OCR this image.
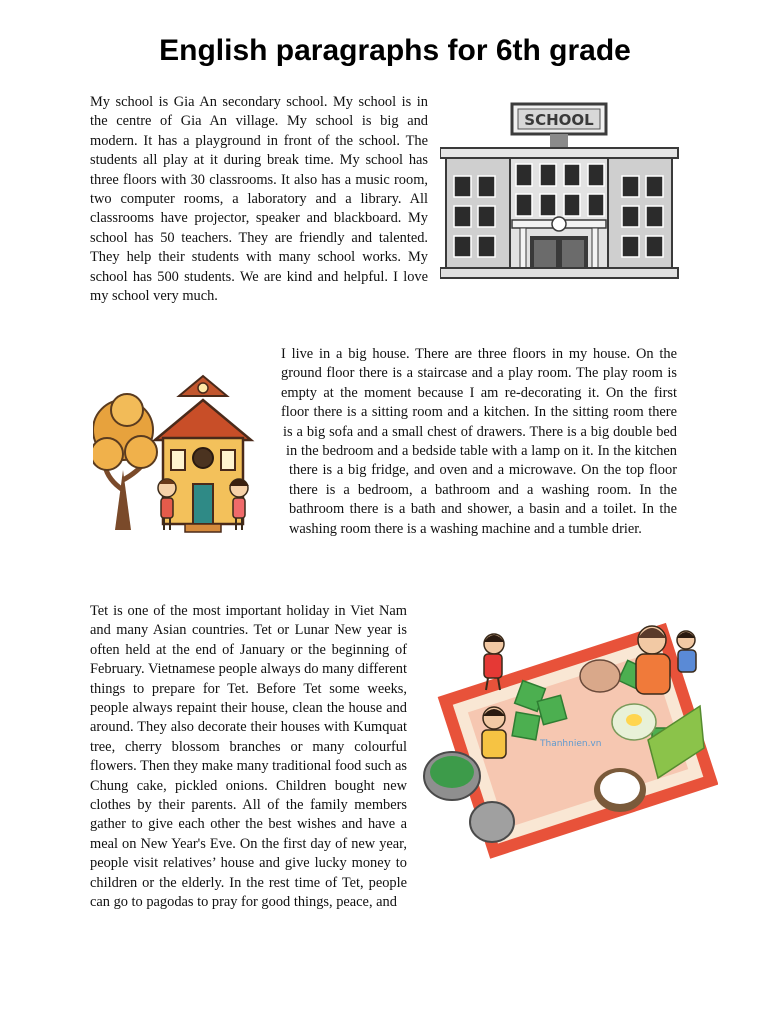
English paragraphs for 6th grade

My school is Gia An secondary school. My school is in the centre of Gia An village. My school is big and modern. It has a playground in front of the school. The students all play at it during break time. My school has three floors with 30 classrooms. It also has a music room, two computer rooms, a laboratory and a library. All classrooms have projector, speaker and blackboard. My school has 50 teachers. They are friendly and talented. They help their students with many school works. My school has 500 students. We are kind and helpful. I love my school very much.

I live in a big house. There are three floors in my house. On the ground floor there is a staircase and a play room. The play room is empty at the moment because I am re-decorating it. On the first floor there is a sitting room and a kitchen. In the sitting room there is a big sofa and a small chest of drawers. There is a big double bed in the bedroom and a bedside table with a lamp on it. In the kitchen there is a big fridge, and oven and a microwave. On the top floor there is a bedroom, a bathroom and a washing room. In the bathroom there is a bath and shower, a basin and a toilet. In the washing room there is a washing machine and a tumble drier.
Tet is one of the most important holiday in Viet Nam and many Asian countries. Tet or Lunar New year is often held at the end of January or the beginning of February. Vietnamese people always do many different things to prepare for Tet. Before Tet some weeks, people always repaint their house, clean the house and around. They also decorate their houses with Kumquat tree, cherry blossom branches or many colourful flowers. Then they make many traditional food such as Chung cake, pickled onions. Children bought new clothes by their parents. All of the family members gather to give each other the best wishes and have a meal on New Year's Eve. On the first day of new year, people visit relatives’ house and give lucky money to children or the elderly. In the rest time of Tet, people can go to pagodas to pray for good things, peace, and
SCHOOL
Thanhnien.vn
